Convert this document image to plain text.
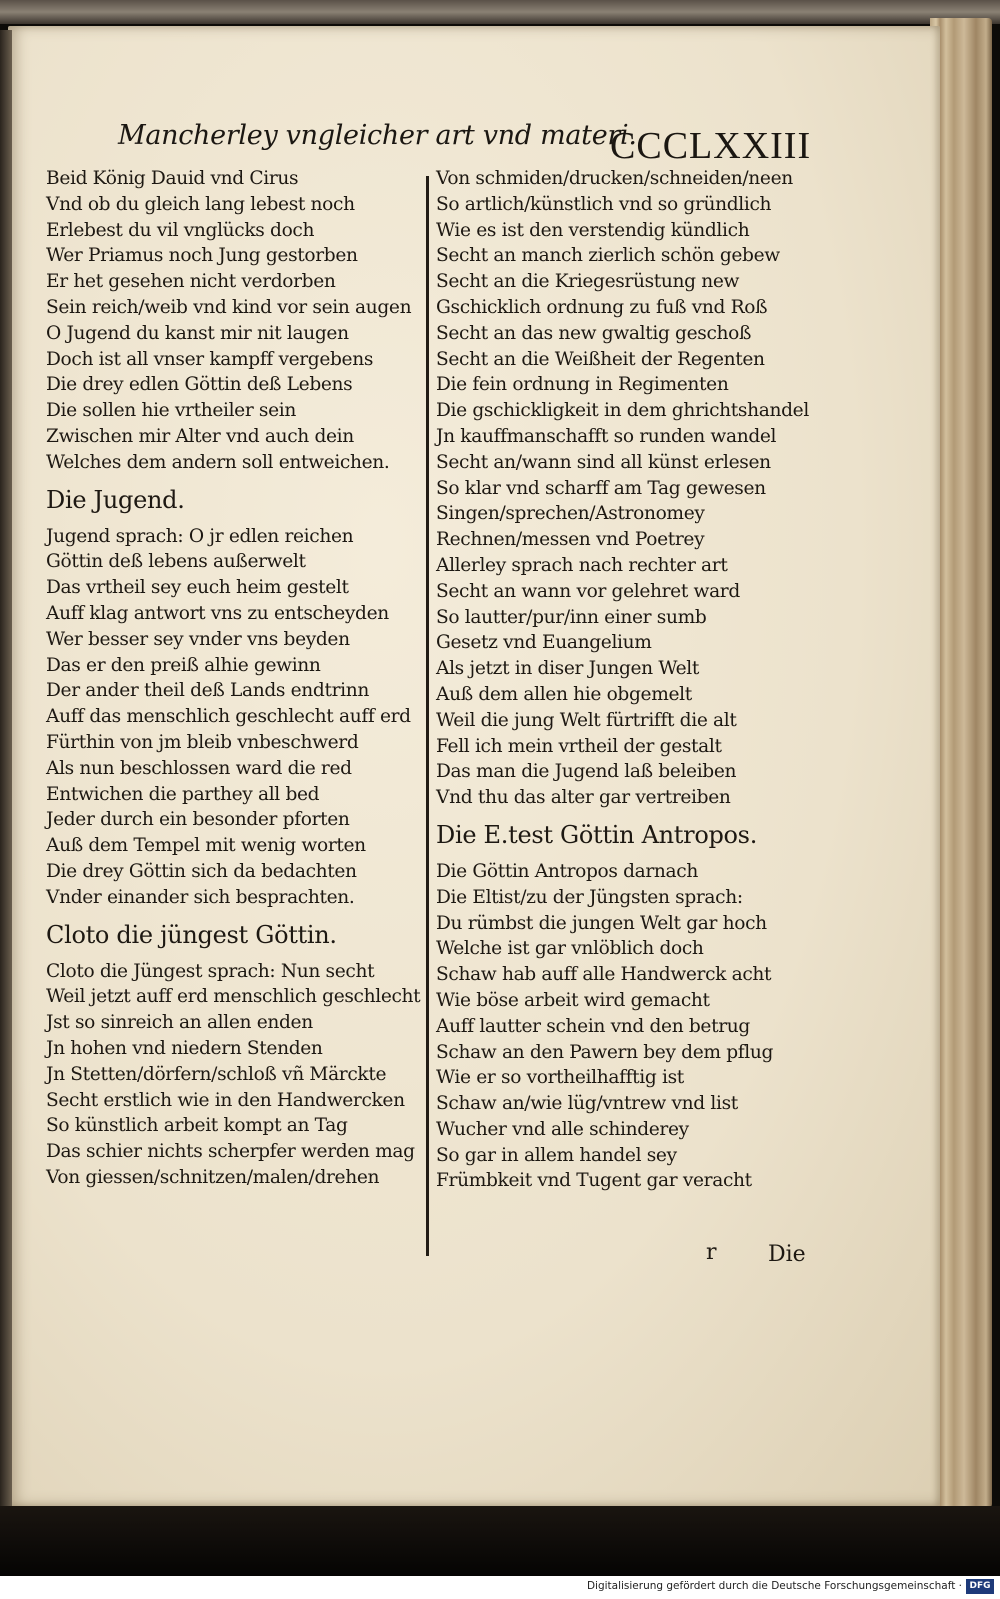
Mancherley vngleicher art vnd materi.
CCCLXXIII
Beid König Dauid vnd Cirus
Vnd ob du gleich lang lebest noch
Erlebest du vil vnglücks doch
Wer Priamus noch Jung gestorben
Er het gesehen nicht verdorben
Sein reich/weib vnd kind vor sein augen
O Jugend du kanst mir nit laugen
Doch ist all vnser kampff vergebens
Die drey edlen Göttin deß Lebens
Die sollen hie vrtheiler sein
Zwischen mir Alter vnd auch dein
Welches dem andern soll entweichen.
Die Jugend.
Jugend sprach: O jr edlen reichen
Göttin deß lebens außerwelt
Das vrtheil sey euch heim gestelt
Auff klag antwort vns zu entscheyden
Wer besser sey vnder vns beyden
Das er den preiß alhie gewinn
Der ander theil deß Lands endtrinn
Auff das menschlich geschlecht auff erd
Fürthin von jm bleib vnbeschwerd
Als nun beschlossen ward die red
Entwichen die parthey all bed
Jeder durch ein besonder pforten
Auß dem Tempel mit wenig worten
Die drey Göttin sich da bedachten
Vnder einander sich besprachten.
Cloto die jüngest Göttin.
Cloto die Jüngest sprach: Nun secht
Weil jetzt auff erd menschlich geschlecht
Jst so sinreich an allen enden
Jn hohen vnd niedern Stenden
Jn Stetten/dörfern/schloß vñ Märckte
Secht erstlich wie in den Handwercken
So künstlich arbeit kompt an Tag
Das schier nichts scherpfer werden mag
Von giessen/schnitzen/malen/drehen
Von schmiden/drucken/schneiden/neen
So artlich/künstlich vnd so gründlich
Wie es ist den verstendig kündlich
Secht an manch zierlich schön gebew
Secht an die Kriegesrüstung new
Gschicklich ordnung zu fuß vnd Roß
Secht an das new gwaltig geschoß
Secht an die Weißheit der Regenten
Die fein ordnung in Regimenten
Die gschickligkeit in dem ghrichtshandel
Jn kauffmanschafft so runden wandel
Secht an/wann sind all künst erlesen
So klar vnd scharff am Tag gewesen
Singen/sprechen/Astronomey
Rechnen/messen vnd Poetrey
Allerley sprach nach rechter art
Secht an wann vor gelehret ward
So lautter/pur/inn einer sumb
Gesetz vnd Euangelium
Als jetzt in diser Jungen Welt
Auß dem allen hie obgemelt
Weil die jung Welt fürtrifft die alt
Fell ich mein vrtheil der gestalt
Das man die Jugend laß beleiben
Vnd thu das alter gar vertreiben
Die E.test Göttin Antropos.
Die Göttin Antropos darnach
Die Eltist/zu der Jüngsten sprach:
Du rümbst die jungen Welt gar hoch
Welche ist gar vnlöblich doch
Schaw hab auff alle Handwerck acht
Wie böse arbeit wird gemacht
Auff lautter schein vnd den betrug
Schaw an den Pawern bey dem pflug
Wie er so vortheilhafftig ist
Schaw an/wie lüg/vntrew vnd list
Wucher vnd alle schinderey
So gar in allem handel sey
Frümbkeit vnd Tugent gar veracht
r Die
Digitalisierung gefördert durch die Deutsche Forschungsgemeinschaft · DFG
